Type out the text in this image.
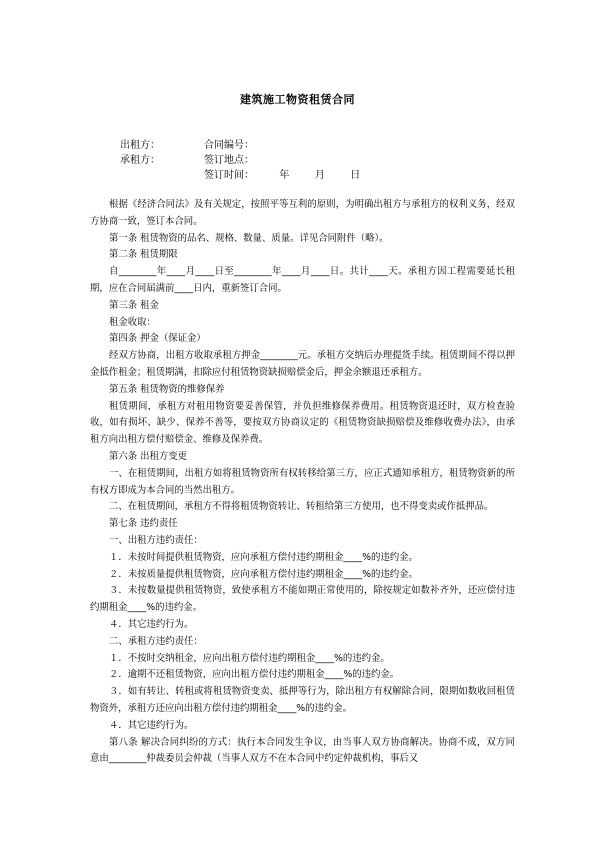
建筑施工物资租赁合同
出租方：	合同编号：
承租方：	签订地点：
签订时间：        年        月        日

根据《经济合同法》及有关规定，按照平等互利的原则，为明确出租方与承租方的权利义务，经双方协商一致，签订本合同。

第一条 租赁物资的品名、规格、数量、质量。详见合同附件（略）。

第二条 租赁期限

自________年____月____日至________年____月____日。共计____天。承租方因工程需要延长租期，应在合同届满前____日内，重新签订合同。

第三条 租金

租金收取：

第四条 押金（保证金）

经双方协商，出租方收取承租方押金________元。承租方交纳后办理提货手续。租赁期间不得以押金抵作租金；租赁期满，扣除应付租赁物资缺损赔偿金后，押金余额退还承租方。

第五条 租赁物资的维修保养

租赁期间，承租方对租用物资要妥善保管，并负担维修保养费用。租赁物资退还时，双方检查验收，如有损坏、缺少、保养不善等，要按双方协商议定的《租赁物资缺损赔偿及维修收费办法》，由承租方向出租方偿付赔偿金、维修及保养费。

第六条 出租方变更

一、在租赁期间，出租方如将租赁物资所有权转移给第三方，应正式通知承租方，租赁物资新的所有权方即成为本合同的当然出租方。

二、在租赁期间，承租方不得将租赁物资转让、转租给第三方使用，也不得变卖或作抵押品。

第七条 违约责任

一、出租方违约责任：

１．未按时间提供租赁物资，应向承租方偿付违约期租金____%的违约金。

２．未按质量提供租赁物资，应向承租方偿付违约期租金____%的违约金。

３．未按数量提供租赁物资，致使承租方不能如期正常使用的，除按规定如数补齐外，还应偿付违约期租金____%的违约金。

４．其它违约行为。

二、承租方违约责任：

１．不按时交纳租金，应向出租方偿付违约期租金____%的违约金。

２．逾期不还租赁物资，应向出租方偿付违约期租金____%的违约金。

３．如有转让、转租或将租赁物资变卖、抵押等行为，除出租方有权解除合同，限期如数收回租赁物资外，承租方还应向出租方偿付违约期租金____%的违约金。

４．其它违约行为。

第八条 解决合同纠纷的方式：执行本合同发生争议，由当事人双方协商解决。协商不成，双方同意由________仲裁委员会仲裁（当事人双方不在本合同中约定仲裁机构，事后又
